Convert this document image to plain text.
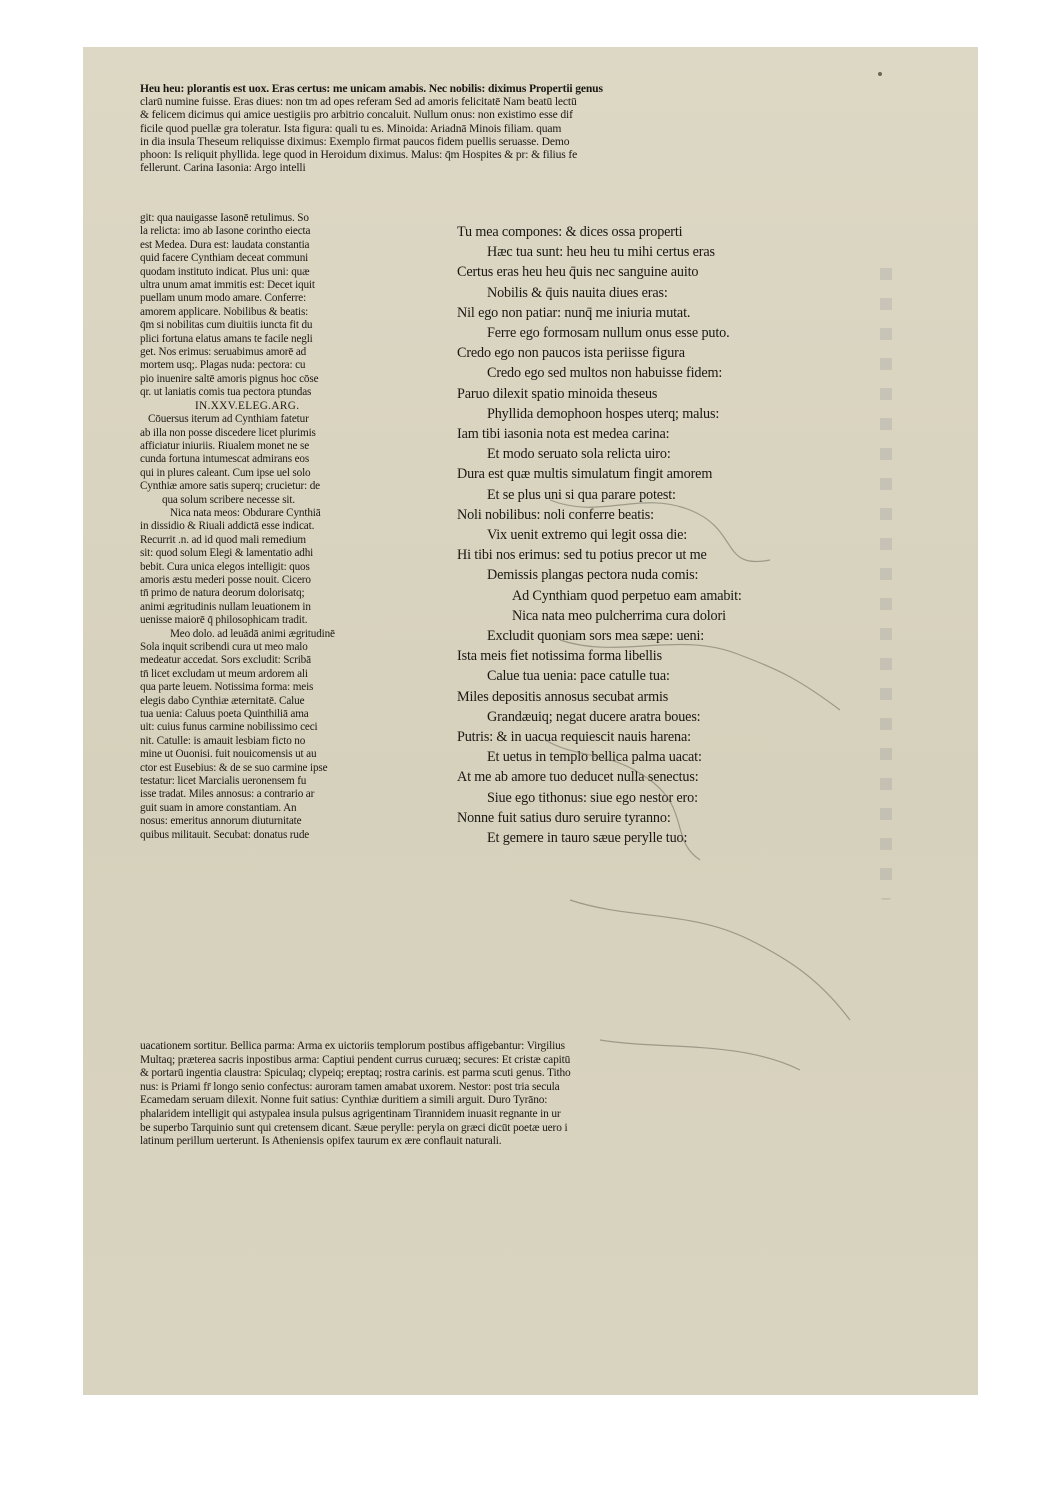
Heu heu: plorantis est uox. Eras certus: me unicam amabis. Nec nobilis: diximus Propertii genus
clarū numine fuisse. Eras diues: non tm ad opes referam Sed ad amoris felicitatē Nam beatū lectū
& felicem dicimus qui amice uestigiis pro arbitrio concaluit. Nullum onus: non existimo esse dif
ficile quod puellæ gra toleratur. Ista figura: quali tu es. Minoida: Ariadnā Minois filiam. quam
in dia insula Theseum reliquisse diximus: Exemplo firmat paucos fidem puellis seruasse. Demo
phoon: Is reliquit phyllida. lege quod in Heroidum diximus. Malus: q̄m Hospites & pr: & filius fe
fellerunt. Carina Iasonia: Argo intelli
git: qua nauigasse Iasonē retulimus. So
la relicta: imo ab Iasone corintho eiecta
est Medea. Dura est: laudata constantia
quid facere Cynthiam deceat communi
quodam instituto indicat. Plus uni: quæ
ultra unum amat immitis est: Decet iquit
puellam unum modo amare. Conferre:
amorem applicare. Nobilibus & beatis:
q̄m si nobilitas cum diuitiis iuncta fit du
plici fortuna elatus amans te facile negli
get. Nos erimus: seruabimus amorē ad
mortem usq;. Plagas nuda: pectora: cu
pio inuenire saltē amoris pignus hoc cōse
qr. ut laniatis comis tua pectora ptundas
IN.XXV.ELEG.ARG.
Cōuersus iterum ad Cynthiam fatetur
ab illa non posse discedere licet plurimis
afficiatur iniuriis. Riualem monet ne se
cunda fortuna intumescat admirans eos
qui in plures caleant. Cum ipse uel solo
Cynthiæ amore satis superq; crucietur: de
qua solum scribere necesse sit.
Nica nata meos: Obdurare Cynthiā
in dissidio & Riuali addictā esse indicat.
Recurrit .n. ad id quod mali remedium
sit: quod solum Elegi & lamentatio adhi
bebit. Cura unica elegos intelligit: quos
amoris æstu mederi posse nouit. Cicero
tn̄ primo de natura deorum dolorisatq;
animi ægritudinis nullam leuationem in
uenisse maiorē q̄ philosophicam tradit.
Meo dolo. ad leuādā animi ægritudinē
Sola inquit scribendi cura ut meo malo
medeatur accedat. Sors excludit: Scribā
tn̄ licet excludam ut meum ardorem ali
qua parte leuem. Notissima forma: meis
elegis dabo Cynthiæ æternitatē. Calue
tua uenia: Caluus poeta Quinthiliā ama
uit: cuius funus carmine nobilissimo ceci
nit. Catulle: is amauit lesbiam ficto no
mine ut Ouonisi. fuit nouicomensis ut au
ctor est Eusebius: & de se suo carmine ipse
testatur: licet Marcialis ueronensem fu
isse tradat. Miles annosus: a contrario ar
guit suam in amore constantiam. An
nosus: emeritus annorum diuturnitate
quibus militauit. Secubat: donatus rude
Tu mea compones: & dices ossa properti
Hæc tua sunt: heu heu tu mihi certus eras
Certus eras heu heu q̄uis nec sanguine auito
Nobilis & q̄uis nauita diues eras:
Nil ego non patiar: nunq̄ me iniuria mutat.
Ferre ego formosam nullum onus esse puto.
Credo ego non paucos ista periisse figura
Credo ego sed multos non habuisse fidem:
Paruo dilexit spatio minoida theseus
Phyllida demophoon hospes uterq; malus:
Iam tibi iasonia nota est medea carina:
Et modo seruato sola relicta uiro:
Dura est quæ multis simulatum fingit amorem
Et se plus uni si qua parare potest:
Noli nobilibus: noli conferre beatis:
Vix uenit extremo qui legit ossa die:
Hi tibi nos erimus: sed tu potius precor ut me
Demissis plangas pectora nuda comis:
Ad Cynthiam quod perpetuo eam amabit:
Nica nata meo pulcherrima cura dolori
Excludit quoniam sors mea sæpe: ueni:
Ista meis fiet notissima forma libellis
Calue tua uenia: pace catulle tua:
Miles depositis annosus secubat armis
Grandæuiq; negat ducere aratra boues:
Putris: & in uacua requiescit nauis harena:
Et uetus in templo bellica palma uacat:
At me ab amore tuo deducet nulla senectus:
Siue ego tithonus: siue ego nestor ero:
Nonne fuit satius duro seruire tyranno:
Et gemere in tauro sæue perylle tuo:
uacationem sortitur. Bellica parma: Arma ex uictoriis templorum postibus affigebantur: Virgilius
Multaq; præterea sacris inpostibus arma: Captiui pendent currus curuæq; secures: Et cristæ capitū
& portarū ingentia claustra: Spiculaq; clypeiq; ereptaq; rostra carinis. est parma scuti genus. Titho
nus: is Priami fr̄ longo senio confectus: auroram tamen amabat uxorem. Nestor: post tria secula
Ecamedam seruam dilexit. Nonne fuit satius: Cynthiæ duritiem a simili arguit. Duro Tyrāno:
phalaridem intelligit qui astypalea insula pulsus agrigentinam Tirannidem inuasit regnante in ur
be superbo Tarquinio sunt qui cretensem dicant. Sæue perylle: peryla on græci dicūt poetæ uero i
latinum perillum uerterunt. Is Atheniensis opifex taurum ex ære conflauit naturali.
